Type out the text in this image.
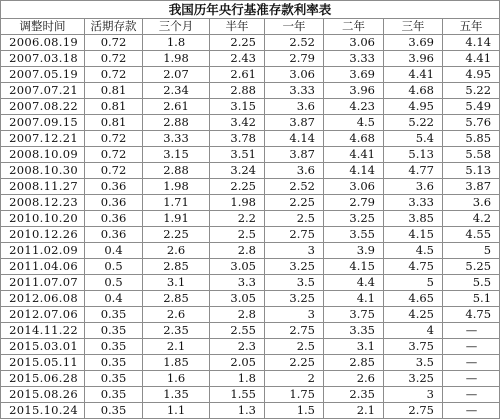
我国历年央行基准存款利率表							
调整时间	活期存款	三个月	半年	一年	二年	三年	五年
2006.08.19	0.72	1.8	2.25	2.52	3.06	3.69	4.14
2007.03.18	0.72	1.98	2.43	2.79	3.33	3.96	4.41
2007.05.19	0.72	2.07	2.61	3.06	3.69	4.41	4.95
2007.07.21	0.81	2.34	2.88	3.33	3.96	4.68	5.22
2007.08.22	0.81	2.61	3.15	3.6	4.23	4.95	5.49
2007.09.15	0.81	2.88	3.42	3.87	4.5	5.22	5.76
2007.12.21	0.72	3.33	3.78	4.14	4.68	5.4	5.85
2008.10.09	0.72	3.15	3.51	3.87	4.41	5.13	5.58
2008.10.30	0.72	2.88	3.24	3.6	4.14	4.77	5.13
2008.11.27	0.36	1.98	2.25	2.52	3.06	3.6	3.87
2008.12.23	0.36	1.71	1.98	2.25	2.79	3.33	3.6
2010.10.20	0.36	1.91	2.2	2.5	3.25	3.85	4.2
2010.12.26	0.36	2.25	2.5	2.75	3.55	4.15	4.55
2011.02.09	0.4	2.6	2.8	3	3.9	4.5	5
2011.04.06	0.5	2.85	3.05	3.25	4.15	4.75	5.25
2011.07.07	0.5	3.1	3.3	3.5	4.4	5	5.5
2012.06.08	0.4	2.85	3.05	3.25	4.1	4.65	5.1
2012.07.06	0.35	2.6	2.8	3	3.75	4.25	4.75
2014.11.22	0.35	2.35	2.55	2.75	3.35	4	—
2015.03.01	0.35	2.1	2.3	2.5	3.1	3.75	—
2015.05.11	0.35	1.85	2.05	2.25	2.85	3.5	—
2015.06.28	0.35	1.6	1.8	2	2.6	3.25	—
2015.08.26	0.35	1.35	1.55	1.75	2.35	3	—
2015.10.24	0.35	1.1	1.3	1.5	2.1	2.75	—
